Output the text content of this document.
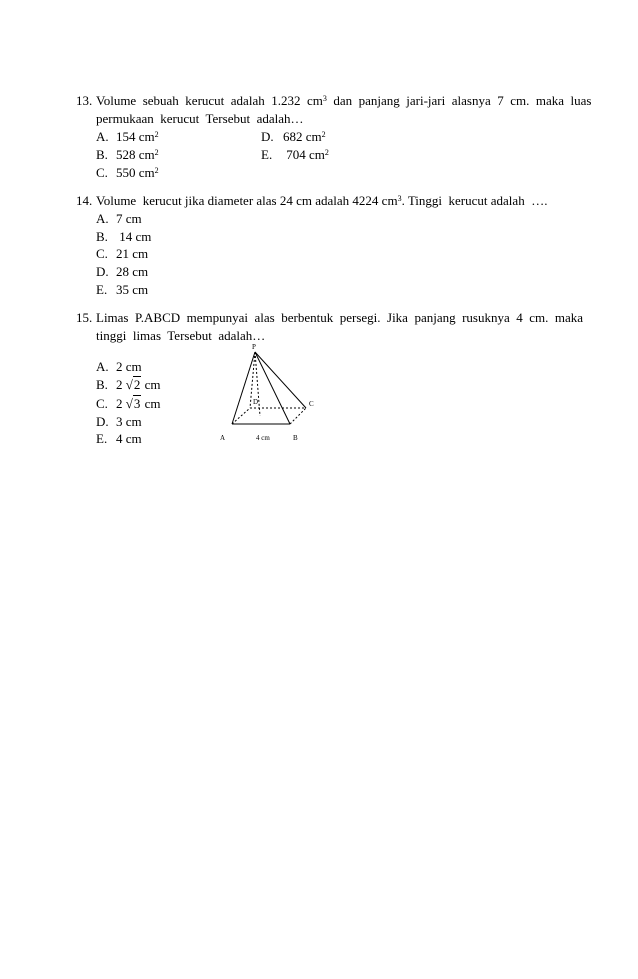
13. Volume  sebuah  kerucut  adalah  1.232  $cm^3$  dan  panjang  jari-jari  alasnya  7  cm.  maka  luas
permukaan  kerucut  Tersebut  adalah…
A. 154 $cm^2$	D. 682 $cm^2$
B. 528 $cm^2$	E. 704 $cm^2$
C. 550 $cm^2$
14. Volume  kerucut jika diameter alas 24 cm adalah 4224 $cm^3$. Tinggi  kerucut adalah  ….
A. 7 cm
B. 14 cm
C. 21 cm
D. 28 cm
E. 35 cm
15. Limas  P.ABCD  mempunyai  alas  berbentuk  persegi.  Jika  panjang  rusuknya  4  cm.  maka
tinggi  limas  Tersebut  adalah…
A. 2 cm
B. 2 √2 cm
C. 2 √3 cm
D. 3 cm
E. 4 cm
P
A	B
C
D
4 cm
